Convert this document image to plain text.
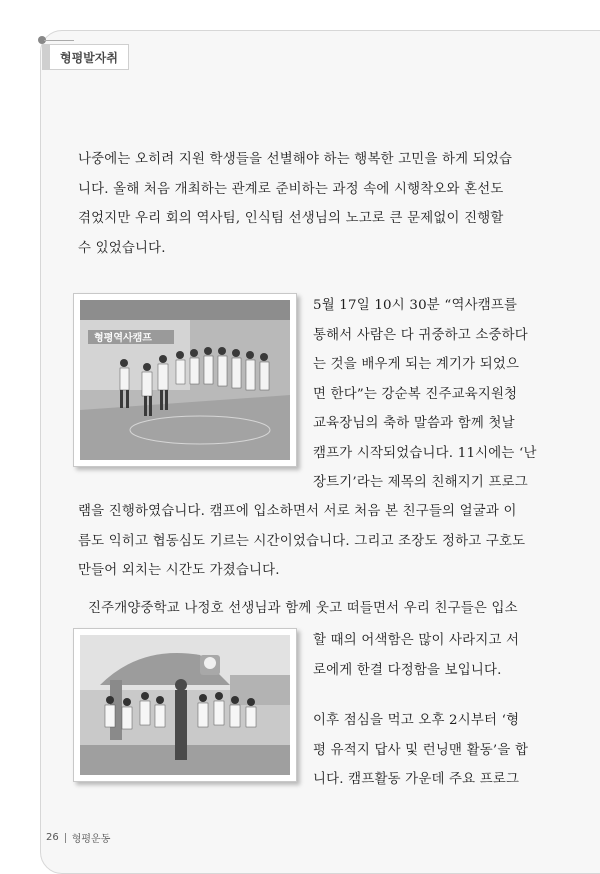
형평발자취
나중에는 오히려 지원 학생들을 선별해야 하는 행복한 고민을 하게 되었습
니다. 올해 처음 개최하는 관계로 준비하는 과정 속에 시행착오와 혼선도
겪었지만 우리 회의 역사팀, 인식팀 선생님의 노고로 큰 문제없이 진행할
수 있었습니다.
형평역사캠프
5월 17일 10시 30분 “역사캠프를
통해서 사람은 다 귀중하고 소중하다
는 것을 배우게 되는 계기가 되었으
면 한다”는 강순복 진주교육지원청
교육장님의 축하 말씀과 함께 첫날
캠프가 시작되었습니다. 11시에는 ‘난
장트기’라는 제목의 친해지기 프로그
램을 진행하였습니다. 캠프에 입소하면서 서로 처음 본 친구들의 얼굴과 이
름도 익히고 협동심도 기르는 시간이었습니다. 그리고 조장도 정하고 구호도
만들어 외치는 시간도 가졌습니다.
진주개양중학교 나정호 선생님과 함께 웃고 떠들면서 우리 친구들은 입소
할 때의 어색함은 많이 사라지고 서
로에게 한결 다정함을 보입니다.
이후 점심을 먹고 오후 2시부터 ‘형
평 유적지 답사 및 런닝맨 활동’을 합
니다. 캠프활동 가운데 주요 프로그
26 형평운동
